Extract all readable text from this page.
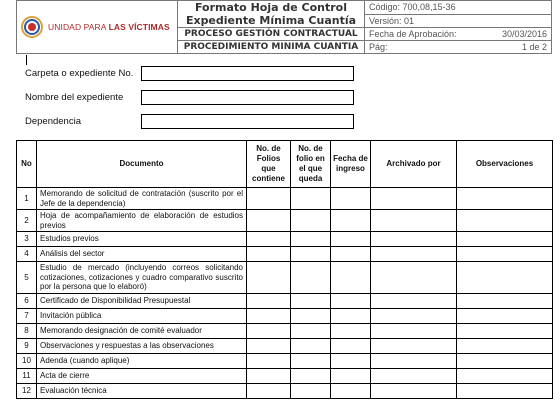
UNIDAD PARA LAS VÍCTIMAS	Formato Hoja de Control Expediente Mínima Cuantía	Código: 700,08,15-36
		Versión: 01
	PROCESO GESTIÓN CONTRACTUAL	Fecha de Aprobación: 30/03/2016

	PROCEDIMIENTO MINIMA CUANTIA	Pág: 1 de 2
Carpeta o expediente No.
Nombre del expediente
Dependencia
No	Documento	No. de Folios que contiene	No. de folio en el que queda	Fecha de ingreso	Archivado por	Observaciones
1	Memorando de solicitud de contratación (suscrito por el Jefe de la dependencia)					
2	Hoja de acompañamiento de elaboración de estudios previos					
3	Estudios previos					
4	Análisis del sector					
5	Estudio de mercado (incluyendo correos solicitando cotizaciones, cotizaciones y cuadro comparativo suscrito por la persona que lo elaboró)					
6	Certificado de Disponibilidad Presupuestal					
7	Invitación pública					
8	Memorando designación de comité evaluador					
9	Observaciones y respuestas a las observaciones					
10	Adenda (cuando aplique)					
11	Acta de cierre					
12	Evaluación técnica					
